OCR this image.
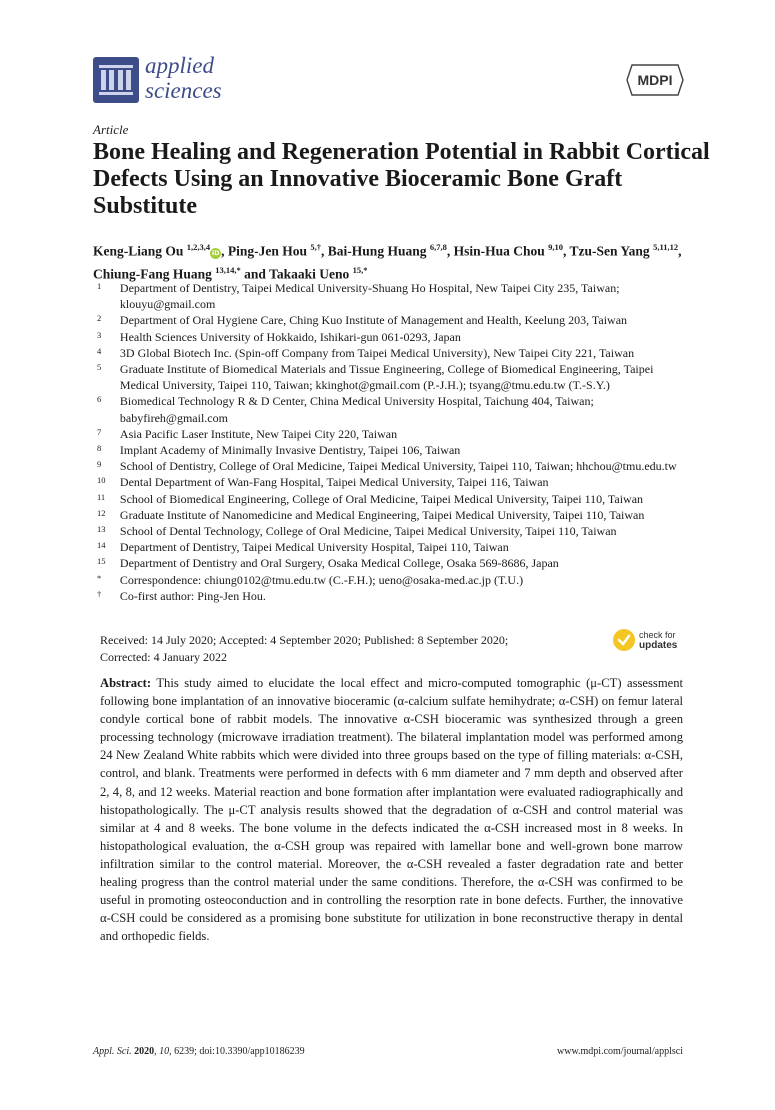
applied
sciences	MDPI
Article
Bone Healing and Regeneration Potential in Rabbit Cortical Defects Using an Innovative Bioceramic Bone Graft Substitute
Keng-Liang Ou $^{1,2,3,4}$iD , Ping-Jen Hou $^{5,\dagger}$, Bai-Hung Huang $^{6,7,8}$, Hsin-Hua Chou $^{9,10}$, Tzu-Sen Yang $^{5,11,12}$, Chiung-Fang Huang $^{13,14,*}$ and Takaaki Ueno $^{15,*}$
1	Department of Dentistry, Taipei Medical University-Shuang Ho Hospital, New Taipei City 235, Taiwan; klouyu@gmail.com
2	Department of Oral Hygiene Care, Ching Kuo Institute of Management and Health, Keelung 203, Taiwan
3	Health Sciences University of Hokkaido, Ishikari-gun 061-0293, Japan
4	3D Global Biotech Inc. (Spin-off Company from Taipei Medical University), New Taipei City 221, Taiwan
5	Graduate Institute of Biomedical Materials and Tissue Engineering, College of Biomedical Engineering, Taipei Medical University, Taipei 110, Taiwan; kkinghot@gmail.com (P.-J.H.); tsyang@tmu.edu.tw (T.-S.Y.)
6	Biomedical Technology R & D Center, China Medical University Hospital, Taichung 404, Taiwan; babyfireh@gmail.com
7	Asia Pacific Laser Institute, New Taipei City 220, Taiwan
8	Implant Academy of Minimally Invasive Dentistry, Taipei 106, Taiwan
9	School of Dentistry, College of Oral Medicine, Taipei Medical University, Taipei 110, Taiwan; hhchou@tmu.edu.tw
10	Dental Department of Wan-Fang Hospital, Taipei Medical University, Taipei 116, Taiwan
11	School of Biomedical Engineering, College of Oral Medicine, Taipei Medical University, Taipei 110, Taiwan
12	Graduate Institute of Nanomedicine and Medical Engineering, Taipei Medical University, Taipei 110, Taiwan
13	School of Dental Technology, College of Oral Medicine, Taipei Medical University, Taipei 110, Taiwan
14	Department of Dentistry, Taipei Medical University Hospital, Taipei 110, Taiwan
15	Department of Dentistry and Oral Surgery, Osaka Medical College, Osaka 569-8686, Japan
*	Correspondence: chiung0102@tmu.edu.tw (C.-F.H.); ueno@osaka-med.ac.jp (T.U.)
†	Co-first author: Ping-Jen Hou.
Received: 14 July 2020; Accepted: 4 September 2020; Published: 8 September 2020;
Corrected: 4 January 2022
check for
updates
Abstract: This study aimed to elucidate the local effect and micro-computed tomographic (μ-CT) assessment following bone implantation of an innovative bioceramic (α-calcium sulfate hemihydrate; α-CSH) on femur lateral condyle cortical bone of rabbit models. The innovative α-CSH bioceramic was synthesized through a green processing technology (microwave irradiation treatment). The bilateral implantation model was performed among 24 New Zealand White rabbits which were divided into three groups based on the type of filling materials: α-CSH, control, and blank. Treatments were performed in defects with 6 mm diameter and 7 mm depth and observed after 2, 4, 8, and 12 weeks. Material reaction and bone formation after implantation were evaluated radiographically and histopathologically. The μ-CT analysis results showed that the degradation of α-CSH and control material was similar at 4 and 8 weeks. The bone volume in the defects indicated the α-CSH increased most in 8 weeks. In histopathological evaluation, the α-CSH group was repaired with lamellar bone and well-grown bone marrow infiltration similar to the control material. Moreover, the α-CSH revealed a faster degradation rate and better healing progress than the control material under the same conditions. Therefore, the α-CSH was confirmed to be useful in promoting osteoconduction and in controlling the resorption rate in bone defects. Further, the innovative α-CSH could be considered as a promising bone substitute for utilization in bone reconstructive therapy in dental and orthopedic fields.
Appl. Sci. 2020, 10, 6239; doi:10.3390/app10186239	www.mdpi.com/journal/applsci
